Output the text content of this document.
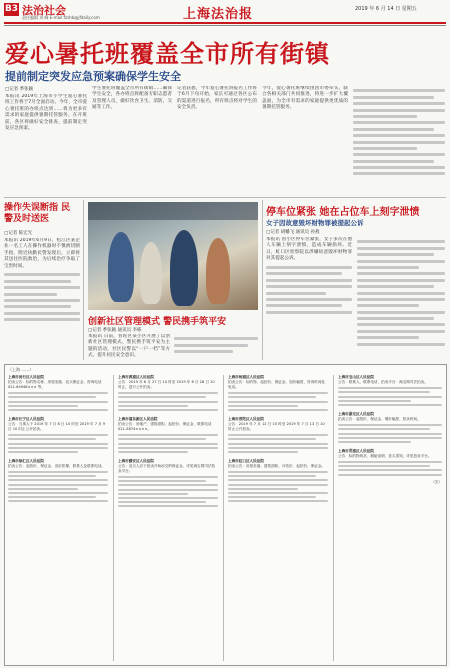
B3 法治社会
责任编辑 刘 峰 E-mail:fzshb@jfdaily.com	上海法治报	2019 年 6 月 14 日 星期五
爱心暑托班覆盖全市所有街镇
提前制定突发应急预案确保学生安全
□记者 季张颖

本报讯 2019年上海市小学生爱心暑托班工作将于7月全面启动。今年，全市爱心暑托班的办班点达到……将为更多有需求的家庭提供暑期托管服务。在开班前，各区将做好安全排查，提前制定突发应急预案。

学生暑托班覆盖全市所有街镇……确保学生安全，各办班点将配备专职志愿者及管理人员，做好饮食卫生、消防、交通等工作。

记者获悉，今年爱心暑托班报名工作将于6月下旬开始，家长可通过各区公布的渠道进行报名，所有班点将对学生的安全负责。

今年，爱心暑托班继续由团市委牵头，联合各相关部门共同推进，将进一步扩大覆盖面，为全市有需求的家庭提供更优质的暑期托管服务。

操作失误断指 民警及时送医
□记者 陈宏光

本报讯 2019年6月9日，松江区某企业一名工人在操作机器时不慎被切断手指，附近执勤民警发现后，立即将其送往医院救治，为后续治疗争取了宝贵时间。

创新社区管理模式 警民携手筑平安
□记者 季张颖 通讯员 李栋

本报讯 日前，普陀区某小区开展了以创新社区管理模式、警民携手筑平安为主题的活动，社区民警以“一户一档”等方式，提升居民安全意识。

停车位紧张 她在占位车上刻字泄愤
女子因故意毁坏财物罪被提起公诉
□记者 胡幡飞 通讯员 孙燕

本报讯 因小区停车位紧张，女子多次在他人车辆上刻字泄愤，造成车辆损坏。近日，虹口区检察院以涉嫌故意毁坏财物罪对其提起公诉。

（上海 ……）
上海市闵行区人民法院
拍卖公告：标的物名称、房屋坐落、竞买保证金、咨询电话 021-64948××× 等。
上海市长宁区人民法院
公告：当事人于 2019 年 7 月 8 日 10 时至 2019 年 7 月 9 日 10 时止公开拍卖。
上海市徐汇区人民法院
拍卖公告：起拍价、保证金、竞价阶梯，联系人及联系电话。
上海市黄浦区人民法院
公告：2019 年 6 月 27 日 10 时至 2019 年 6 月 28 日 10 时止，进行公开拍卖。
上海市浦东新区人民法院
拍卖公告：房地产，建筑面积、起拍价、保证金、联系电话 021-5874××××。
上海市静安区人民法院
公告：竞买人应于拍卖开始前交纳保证金，详见淘宝网司法拍卖平台。
上海市杨浦区人民法院
拍卖公告：标的物、起拍价、保证金、加价幅度、咨询时间及电话。
上海市普陀区人民法院
公告：2019 年 7 月 12 日 10 时至 2019 年 7 月 13 日 10 时止公开拍卖。
上海市虹口区人民法院
拍卖公告：房屋坐落、建筑面积、评估价、起拍价、保证金。
上海市宝山区人民法院
公告：联系人、联系电话、拍卖平台：淘宝网司法拍卖。
上海市嘉定区人民法院
拍卖公告：起拍价、保证金、增价幅度、拍卖时间。
上海市青浦区人民法院
公告：标的物现状、瑕疵说明、竞买须知，详见拍卖平台。
（完）
